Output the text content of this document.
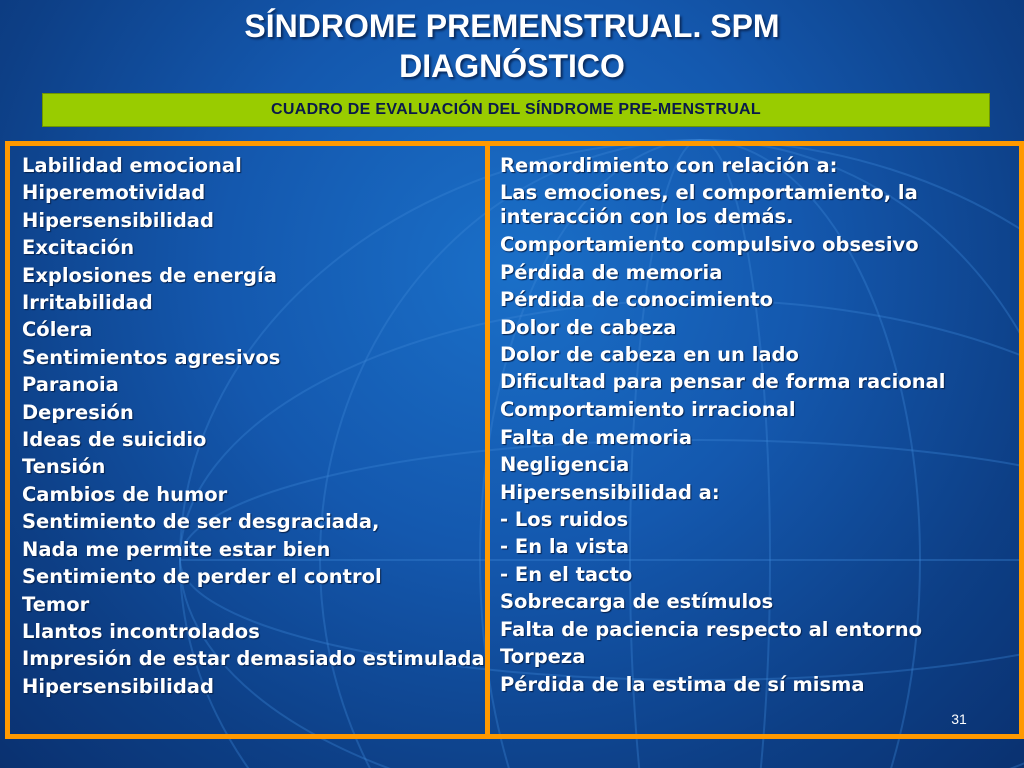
SÍNDROME PREMENSTRUAL. SPM
DIAGNÓSTICO
CUADRO DE EVALUACIÓN DEL SÍNDROME PRE-MENSTRUAL
Labilidad emocional
Hiperemotividad
Hipersensibilidad
Excitación
Explosiones de energía
Irritabilidad
Cólera
Sentimientos agresivos
Paranoia
Depresión
Ideas de suicidio
Tensión
Cambios de humor
Sentimiento de ser desgraciada,
Nada me permite estar bien
Sentimiento de perder el control
Temor
Llantos incontrolados
Impresión de estar demasiado estimulada
Hipersensibilidad
Remordimiento con relación a:
Las emociones, el comportamiento, la interacción con los demás.
Comportamiento compulsivo obsesivo
Pérdida de memoria
Pérdida de conocimiento
Dolor de cabeza
Dolor de cabeza en un lado
Dificultad para pensar de forma racional
Comportamiento irracional
Falta de memoria
Negligencia
Hipersensibilidad a:
- Los ruidos
- En la vista
- En el tacto
Sobrecarga de estímulos
Falta de paciencia respecto al entorno
Torpeza
Pérdida de la estima de sí misma
31
